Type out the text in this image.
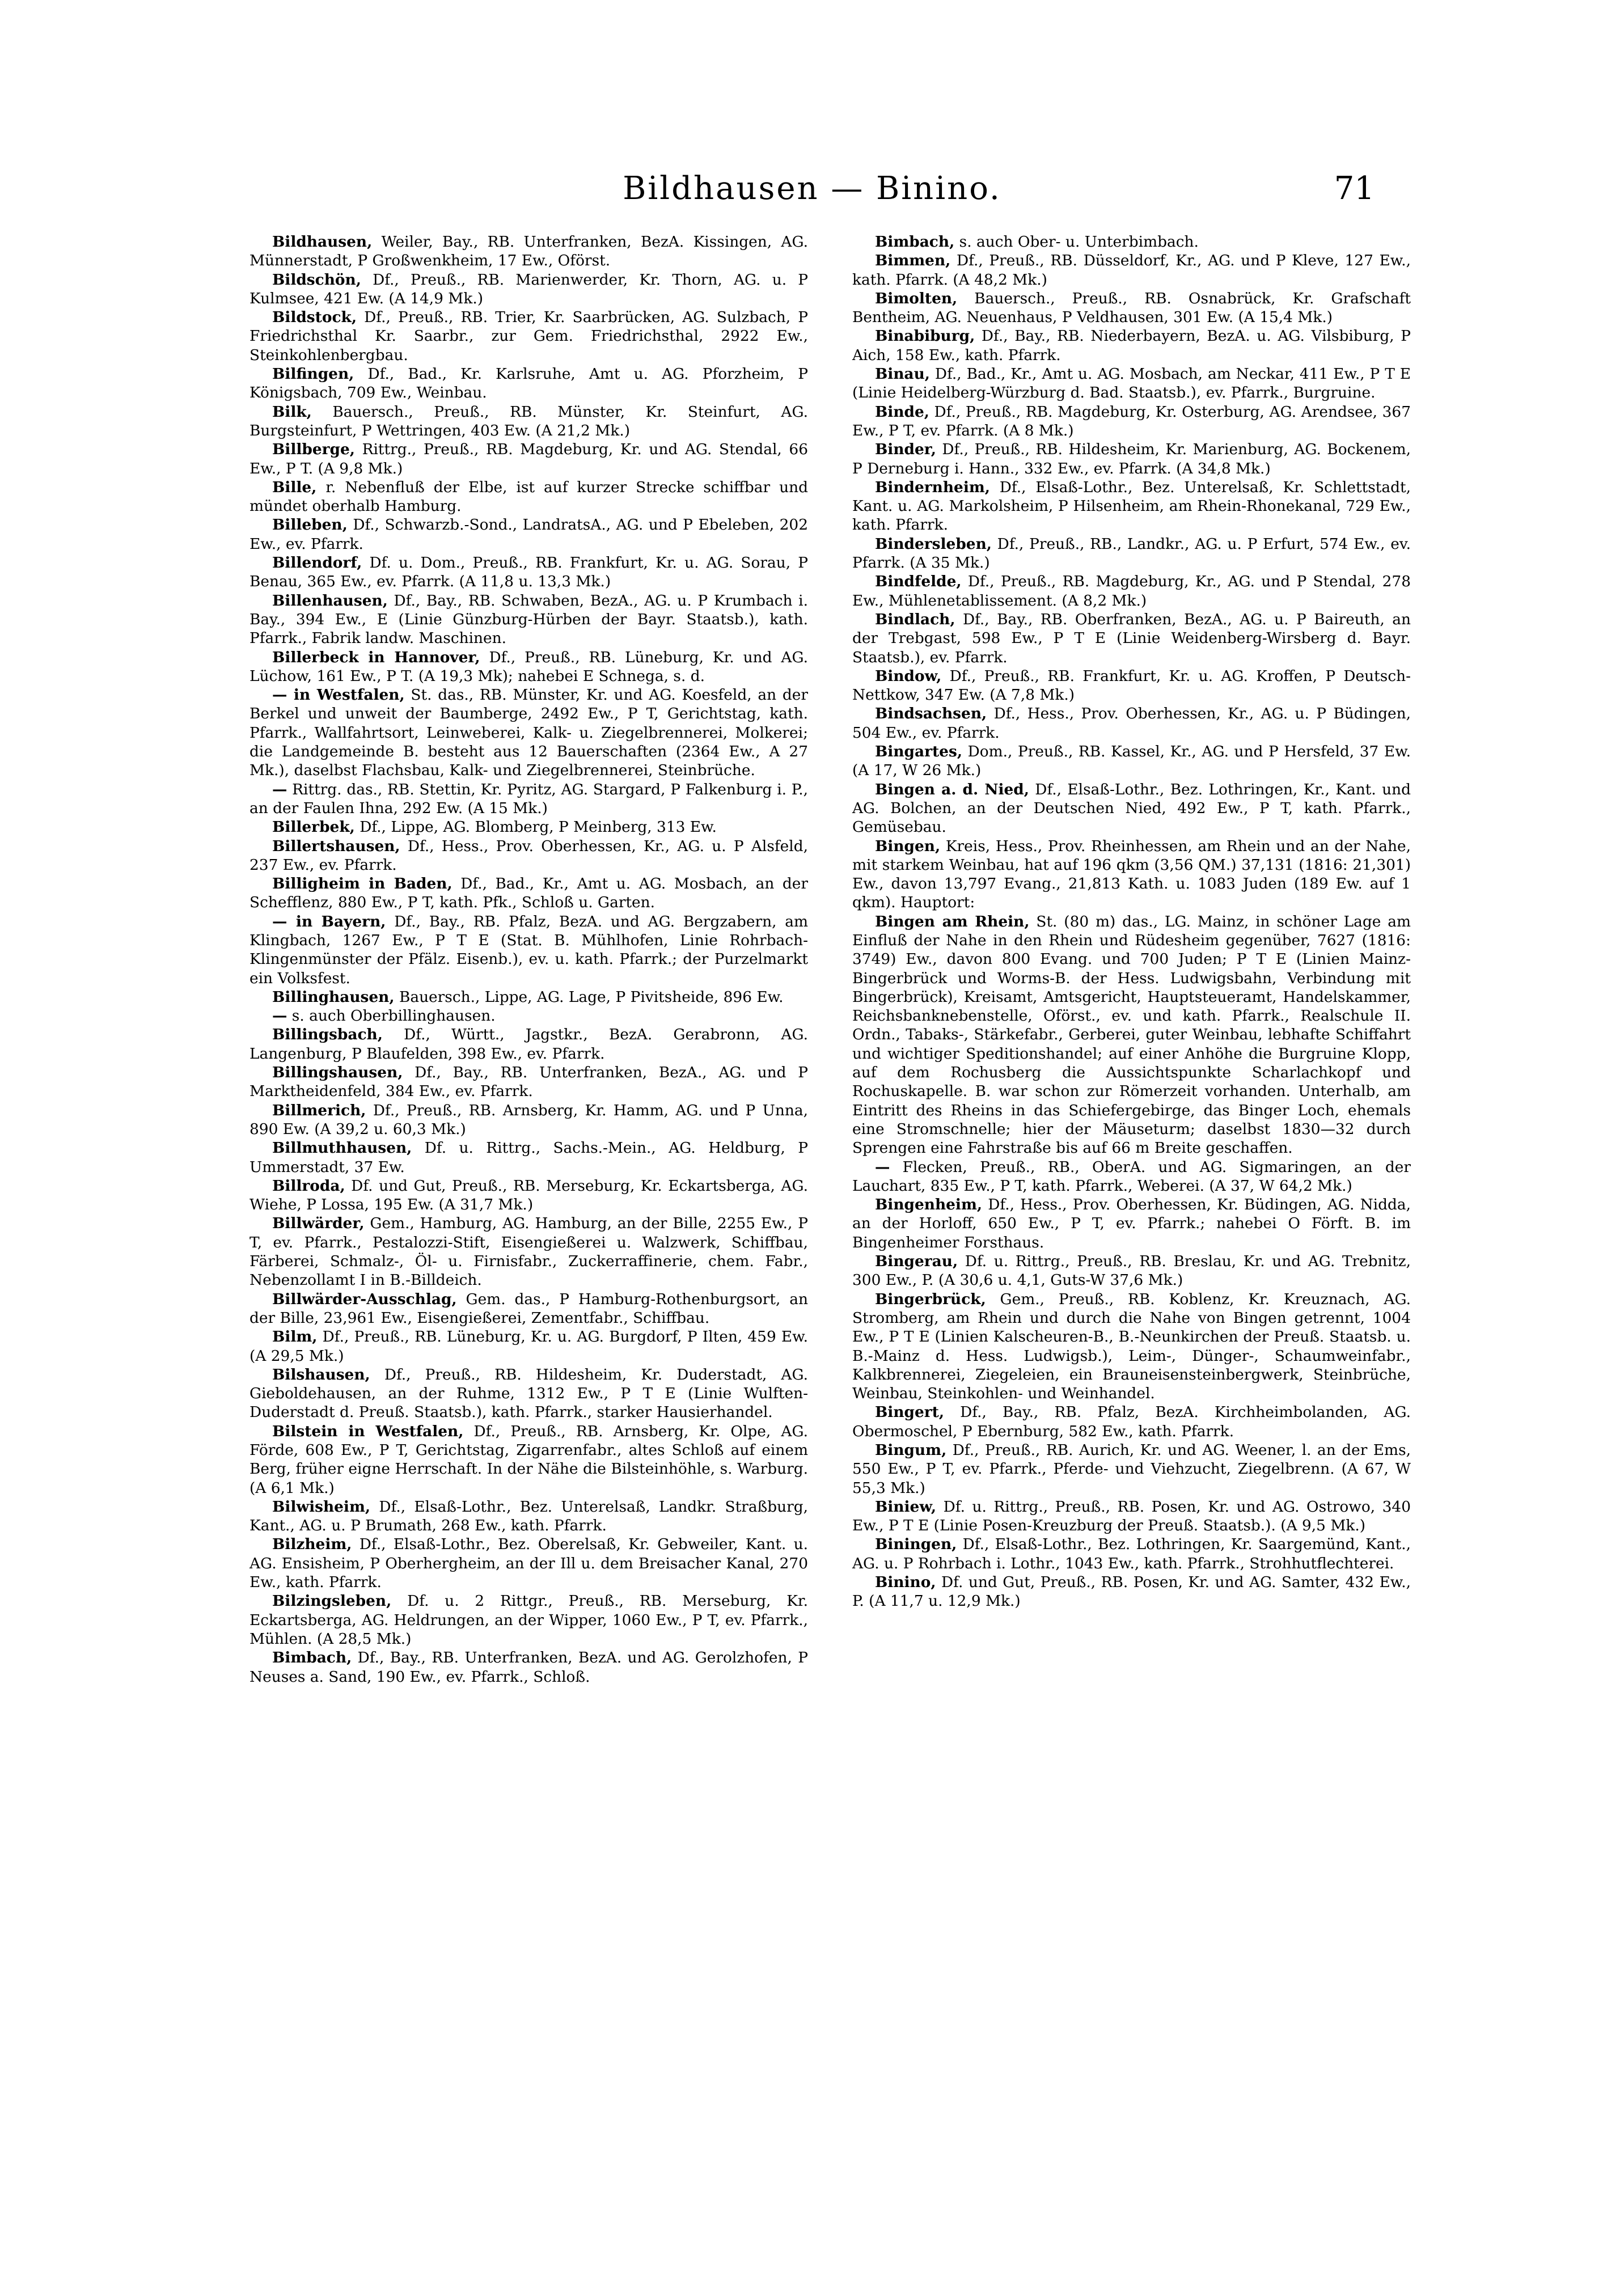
Bildhausen — Binino.	71

Bildhausen, Weiler, Bay., RB. Unterfranken, BezA. Kissingen, AG. Münnerstadt, P Großwenkheim, 17 Ew., Oförst.

Bildschön, Df., Preuß., RB. Marienwerder, Kr. Thorn, AG. u. P Kulmsee, 421 Ew. (A 14,9 Mk.)

Bildstock, Df., Preuß., RB. Trier, Kr. Saarbrücken, AG. Sulzbach, P Friedrichsthal Kr. Saarbr., zur Gem. Friedrichsthal, 2922 Ew., Steinkohlenbergbau.

Bilfingen, Df., Bad., Kr. Karlsruhe, Amt u. AG. Pforzheim, P Königsbach, 709 Ew., Weinbau.

Bilk, Bauersch., Preuß., RB. Münster, Kr. Steinfurt, AG. Burgsteinfurt, P Wettringen, 403 Ew. (A 21,2 Mk.)

Billberge, Rittrg., Preuß., RB. Magdeburg, Kr. und AG. Stendal, 66 Ew., P T. (A 9,8 Mk.)

Bille, r. Nebenfluß der Elbe, ist auf kurzer Strecke schiffbar und mündet oberhalb Hamburg.

Billeben, Df., Schwarzb.-Sond., LandratsA., AG. und P Ebeleben, 202 Ew., ev. Pfarrk.

Billendorf, Df. u. Dom., Preuß., RB. Frankfurt, Kr. u. AG. Sorau, P Benau, 365 Ew., ev. Pfarrk. (A 11,8 u. 13,3 Mk.)

Billenhausen, Df., Bay., RB. Schwaben, BezA., AG. u. P Krumbach i. Bay., 394 Ew., E (Linie Günzburg-Hürben der Bayr. Staatsb.), kath. Pfarrk., Fabrik landw. Maschinen.

Billerbeck in Hannover, Df., Preuß., RB. Lüneburg, Kr. und AG. Lüchow, 161 Ew., P T. (A 19,3 Mk); nahebei E Schnega, s. d.

— in Westfalen, St. das., RB. Münster, Kr. und AG. Koesfeld, an der Berkel und unweit der Baumberge, 2492 Ew., P T, Gerichtstag, kath. Pfarrk., Wallfahrtsort, Leinweberei, Kalk- u. Ziegelbrennerei, Molkerei; die Landgemeinde B. besteht aus 12 Bauerschaften (2364 Ew., A 27 Mk.), daselbst Flachsbau, Kalk- und Ziegelbrennerei, Steinbrüche.

— Rittrg. das., RB. Stettin, Kr. Pyritz, AG. Stargard, P Falkenburg i. P., an der Faulen Ihna, 292 Ew. (A 15 Mk.)

Billerbek, Df., Lippe, AG. Blomberg, P Meinberg, 313 Ew.

Billertshausen, Df., Hess., Prov. Oberhessen, Kr., AG. u. P Alsfeld, 237 Ew., ev. Pfarrk.

Billigheim in Baden, Df., Bad., Kr., Amt u. AG. Mosbach, an der Schefflenz, 880 Ew., P T, kath. Pfk., Schloß u. Garten.

— in Bayern, Df., Bay., RB. Pfalz, BezA. und AG. Bergzabern, am Klingbach, 1267 Ew., P T E (Stat. B. Mühlhofen, Linie Rohrbach-Klingenmünster der Pfälz. Eisenb.), ev. u. kath. Pfarrk.; der Purzelmarkt ein Volksfest.

Billinghausen, Bauersch., Lippe, AG. Lage, P Pivitsheide, 896 Ew.

— s. auch Oberbillinghausen.

Billingsbach, Df., Württ., Jagstkr., BezA. Gerabronn, AG. Langenburg, P Blaufelden, 398 Ew., ev. Pfarrk.

Billingshausen, Df., Bay., RB. Unterfranken, BezA., AG. und P Marktheidenfeld, 384 Ew., ev. Pfarrk.

Billmerich, Df., Preuß., RB. Arnsberg, Kr. Hamm, AG. und P Unna, 890 Ew. (A 39,2 u. 60,3 Mk.)

Billmuthhausen, Df. u. Rittrg., Sachs.-Mein., AG. Heldburg, P Ummerstadt, 37 Ew.

Billroda, Df. und Gut, Preuß., RB. Merseburg, Kr. Eckartsberga, AG. Wiehe, P Lossa, 195 Ew. (A 31,7 Mk.)

Billwärder, Gem., Hamburg, AG. Hamburg, an der Bille, 2255 Ew., P T, ev. Pfarrk., Pestalozzi-Stift, Eisengießerei u. Walzwerk, Schiffbau, Färberei, Schmalz-, Öl- u. Firnisfabr., Zuckerraffinerie, chem. Fabr., Nebenzollamt I in B.-Billdeich.

Billwärder-Ausschlag, Gem. das., P Hamburg-Rothenburgsort, an der Bille, 23,961 Ew., Eisengießerei, Zementfabr., Schiffbau.

Bilm, Df., Preuß., RB. Lüneburg, Kr. u. AG. Burgdorf, P Ilten, 459 Ew. (A 29,5 Mk.)

Bilshausen, Df., Preuß., RB. Hildesheim, Kr. Duderstadt, AG. Gieboldehausen, an der Ruhme, 1312 Ew., P T E (Linie Wulften-Duderstadt d. Preuß. Staatsb.), kath. Pfarrk., starker Hausierhandel.

Bilstein in Westfalen, Df., Preuß., RB. Arnsberg, Kr. Olpe, AG. Förde, 608 Ew., P T, Gerichtstag, Zigarrenfabr., altes Schloß auf einem Berg, früher eigne Herrschaft. In der Nähe die Bilsteinhöhle, s. Warburg. (A 6,1 Mk.)

Bilwisheim, Df., Elsaß-Lothr., Bez. Unterelsaß, Landkr. Straßburg, Kant., AG. u. P Brumath, 268 Ew., kath. Pfarrk.

Bilzheim, Df., Elsaß-Lothr., Bez. Oberelsaß, Kr. Gebweiler, Kant. u. AG. Ensisheim, P Oberhergheim, an der Ill u. dem Breisacher Kanal, 270 Ew., kath. Pfarrk.

Bilzingsleben, Df. u. 2 Rittgr., Preuß., RB. Merseburg, Kr. Eckartsberga, AG. Heldrungen, an der Wipper, 1060 Ew., P T, ev. Pfarrk., Mühlen. (A 28,5 Mk.)

Bimbach, Df., Bay., RB. Unterfranken, BezA. und AG. Gerolzhofen, P Neuses a. Sand, 190 Ew., ev. Pfarrk., Schloß.

Bimbach, s. auch Ober- u. Unterbimbach.

Bimmen, Df., Preuß., RB. Düsseldorf, Kr., AG. und P Kleve, 127 Ew., kath. Pfarrk. (A 48,2 Mk.)

Bimolten, Bauersch., Preuß., RB. Osnabrück, Kr. Grafschaft Bentheim, AG. Neuenhaus, P Veldhausen, 301 Ew. (A 15,4 Mk.)

Binabiburg, Df., Bay., RB. Niederbayern, BezA. u. AG. Vilsbiburg, P Aich, 158 Ew., kath. Pfarrk.

Binau, Df., Bad., Kr., Amt u. AG. Mosbach, am Neckar, 411 Ew., P T E (Linie Heidelberg-Würzburg d. Bad. Staatsb.), ev. Pfarrk., Burgruine.

Binde, Df., Preuß., RB. Magdeburg, Kr. Osterburg, AG. Arendsee, 367 Ew., P T, ev. Pfarrk. (A 8 Mk.)

Binder, Df., Preuß., RB. Hildesheim, Kr. Marienburg, AG. Bockenem, P Derneburg i. Hann., 332 Ew., ev. Pfarrk. (A 34,8 Mk.)

Bindernheim, Df., Elsaß-Lothr., Bez. Unterelsaß, Kr. Schlettstadt, Kant. u. AG. Markolsheim, P Hilsenheim, am Rhein-Rhonekanal, 729 Ew., kath. Pfarrk.

Bindersleben, Df., Preuß., RB., Landkr., AG. u. P Erfurt, 574 Ew., ev. Pfarrk. (A 35 Mk.)

Bindfelde, Df., Preuß., RB. Magdeburg, Kr., AG. und P Stendal, 278 Ew., Mühlenetablissement. (A 8,2 Mk.)

Bindlach, Df., Bay., RB. Oberfranken, BezA., AG. u. P Baireuth, an der Trebgast, 598 Ew., P T E (Linie Weidenberg-Wirsberg d. Bayr. Staatsb.), ev. Pfarrk.

Bindow, Df., Preuß., RB. Frankfurt, Kr. u. AG. Kroffen, P Deutsch-Nettkow, 347 Ew. (A 7,8 Mk.)

Bindsachsen, Df., Hess., Prov. Oberhessen, Kr., AG. u. P Büdingen, 504 Ew., ev. Pfarrk.

Bingartes, Dom., Preuß., RB. Kassel, Kr., AG. und P Hersfeld, 37 Ew. (A 17, W 26 Mk.)

Bingen a. d. Nied, Df., Elsaß-Lothr., Bez. Lothringen, Kr., Kant. und AG. Bolchen, an der Deutschen Nied, 492 Ew., P T, kath. Pfarrk., Gemüsebau.

Bingen, Kreis, Hess., Prov. Rheinhessen, am Rhein und an der Nahe, mit starkem Weinbau, hat auf 196 qkm (3,56 QM.) 37,131 (1816: 21,301) Ew., davon 13,797 Evang., 21,813 Kath. u. 1083 Juden (189 Ew. auf 1 qkm). Hauptort:

Bingen am Rhein, St. (80 m) das., LG. Mainz, in schöner Lage am Einfluß der Nahe in den Rhein und Rüdesheim gegenüber, 7627 (1816: 3749) Ew., davon 800 Evang. und 700 Juden; P T E (Linien Mainz-Bingerbrück und Worms-B. der Hess. Ludwigsbahn, Verbindung mit Bingerbrück), Kreisamt, Amtsgericht, Hauptsteueramt, Handelskammer, Reichsbanknebenstelle, Oförst., ev. und kath. Pfarrk., Realschule II. Ordn., Tabaks-, Stärkefabr., Gerberei, guter Weinbau, lebhafte Schiffahrt und wichtiger Speditionshandel; auf einer Anhöhe die Burgruine Klopp, auf dem Rochusberg die Aussichtspunkte Scharlachkopf und Rochuskapelle. B. war schon zur Römerzeit vorhanden. Unterhalb, am Eintritt des Rheins in das Schiefergebirge, das Binger Loch, ehemals eine Stromschnelle; hier der Mäuseturm; daselbst 1830—32 durch Sprengen eine Fahrstraße bis auf 66 m Breite geschaffen.

— Flecken, Preuß., RB., OberA. und AG. Sigmaringen, an der Lauchart, 835 Ew., P T, kath. Pfarrk., Weberei. (A 37, W 64,2 Mk.)

Bingenheim, Df., Hess., Prov. Oberhessen, Kr. Büdingen, AG. Nidda, an der Horloff, 650 Ew., P T, ev. Pfarrk.; nahebei O Förft. B. im Bingenheimer Forsthaus.

Bingerau, Df. u. Rittrg., Preuß., RB. Breslau, Kr. und AG. Trebnitz, 300 Ew., P. (A 30,6 u. 4,1, Guts-W 37,6 Mk.)

Bingerbrück, Gem., Preuß., RB. Koblenz, Kr. Kreuznach, AG. Stromberg, am Rhein und durch die Nahe von Bingen getrennt, 1004 Ew., P T E (Linien Kalscheuren-B., B.-Neunkirchen der Preuß. Staatsb. u. B.-Mainz d. Hess. Ludwigsb.), Leim-, Dünger-, Schaumweinfabr., Kalkbrennerei, Ziegeleien, ein Brauneisensteinbergwerk, Steinbrüche, Weinbau, Steinkohlen- und Weinhandel.

Bingert, Df., Bay., RB. Pfalz, BezA. Kirchheimbolanden, AG. Obermoschel, P Ebernburg, 582 Ew., kath. Pfarrk.

Bingum, Df., Preuß., RB. Aurich, Kr. und AG. Weener, l. an der Ems, 550 Ew., P T, ev. Pfarrk., Pferde- und Viehzucht, Ziegelbrenn. (A 67, W 55,3 Mk.)

Biniew, Df. u. Rittrg., Preuß., RB. Posen, Kr. und AG. Ostrowo, 340 Ew., P T E (Linie Posen-Kreuzburg der Preuß. Staatsb.). (A 9,5 Mk.)

Biningen, Df., Elsaß-Lothr., Bez. Lothringen, Kr. Saargemünd, Kant., AG. u. P Rohrbach i. Lothr., 1043 Ew., kath. Pfarrk., Strohhutflechterei.

Binino, Df. und Gut, Preuß., RB. Posen, Kr. und AG. Samter, 432 Ew., P. (A 11,7 u. 12,9 Mk.)
